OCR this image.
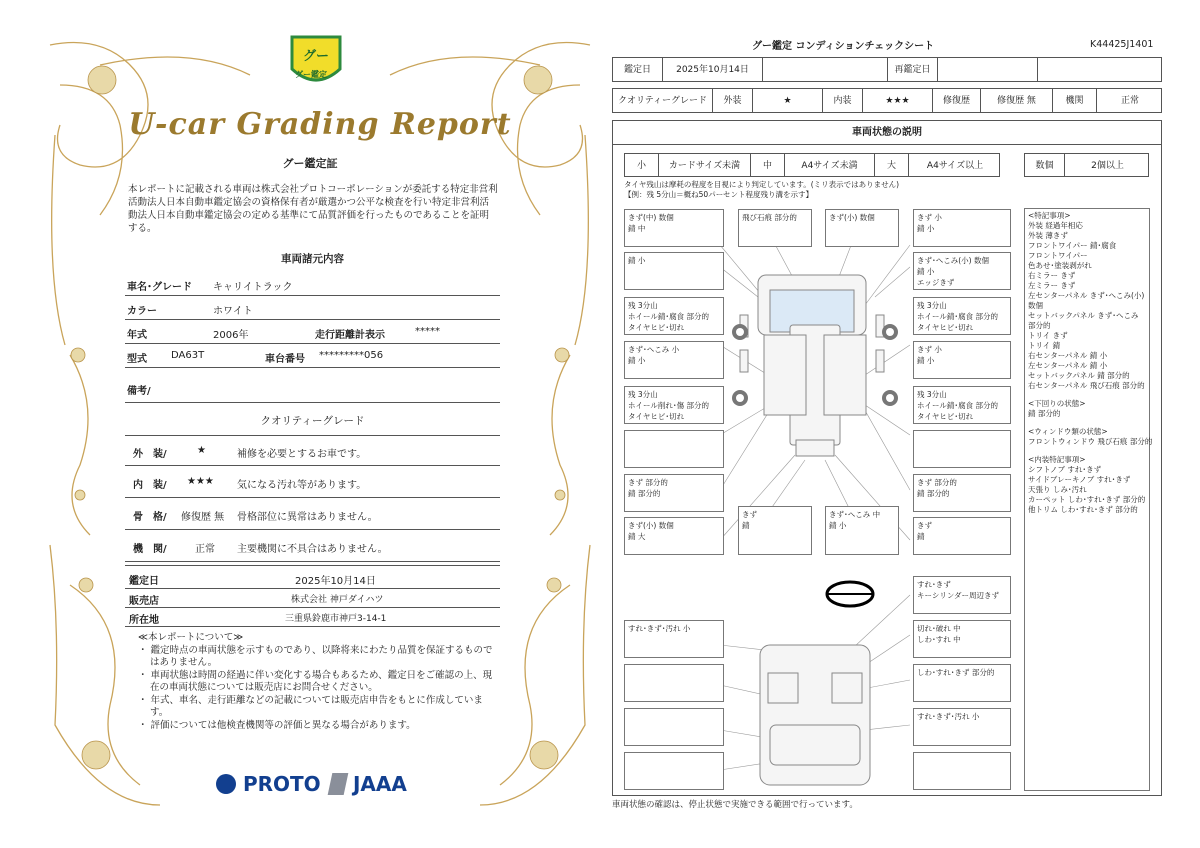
グー
グー鑑定
U-car Grading Report
グー鑑定証
本レポートに記載される車両は株式会社プロトコーポレーションが委託する特定非営利活動法人日本自動車鑑定協会の資格保有者が厳選かつ公平な検査を行い特定非営利活動法人日本自動車鑑定協会の定める基準にて品質評価を行ったものであることを証明する。
車両諸元内容
車名･グレード キャリイトラック
カラー	ホワイト
年式	2006年	走行距離計表示	*****
型式 DA63T	車台番号 *********056
備考/
クオリティーグレード
外　装/	★	補修を必要とするお車です。
内　装/ ★★★ 気になる汚れ等があります。
骨　格/ 修復歴 無 骨格部位に異常はありません。
機　関/	正常 主要機関に不具合はありません。
鑑定日	2025年10月14日
販売店	株式会社 神戸ダイハツ
所在地	三重県鈴鹿市神戸3-14-1
≪本レポートについて≫
・ 鑑定時点の車両状態を示すものであり、以降将来にわたり品質を保証するものではありません。
・ 車両状態は時間の経過に伴い変化する場合もあるため、鑑定日をご確認の上、現在の車両状態については販売店にお問合せください。
・ 年式、車名、走行距離などの記載については販売店申告をもとに作成しています。
・ 評価については他検査機関等の評価と異なる場合があります。
PROTO	JAAA
グー鑑定 コンディションチェックシート	K44425J1401
鑑定日	2025年10月14日	再鑑定日
クオリティーグレード	外装	★	内装	★★★	修復歴	修復歴 無	機関	正常
車両状態の説明
小	カードサイズ未満	中	A4サイズ未満	大	A4サイズ以上	数個	2個以上
タイヤ残山は摩耗の程度を目視により判定しています。(ミリ表示ではありません)
【例：残 5分山＝概ね50パーセント程度残り溝を示す】
きず(中) 数個
錆 中
錆 小
残 3分山
ホイール錆･腐食 部分的
タイヤヒビ･切れ
きず･へこみ 小
錆 小
残 3分山
ホイール削れ･傷 部分的
タイヤヒビ･切れ
きず 部分的
錆 部分的
きず(小) 数個
錆 大
飛び石痕 部分的	きず(小) 数個
きず
錆
きず･へこみ 中
錆 小
きず 小
錆 小
きず･へこみ(小) 数個
錆 小
エッジきず
残 3分山
ホイール錆･腐食 部分的
タイヤヒビ･切れ
きず 小
錆 小
残 3分山
ホイール錆･腐食 部分的
タイヤヒビ･切れ
きず 部分的
錆 部分的
きず
錆
すれ･きず･汚れ 小
すれ･きず
キーシリンダー周辺きず
切れ･破れ 中
しわ･すれ 中
しわ･すれ･きず 部分的
すれ･きず･汚れ 小
<特記事項>
外装 経過年相応
外装 薄きず
フロントワイパー 錆･腐食
フロントワイパー
色あせ･塗装剥がれ
右ミラー きず
左ミラー きず
左センターパネル きず･へこみ(小) 数個
セットバックパネル きず･へこみ 部分的
トリイ きず
トリイ 錆
右センターパネル 錆 小
左センターパネル 錆 小
セットバックパネル 錆 部分的
右センターパネル 飛び石痕 部分的
<下回りの状態>
錆 部分的
<ウィンドウ類の状態>
フロントウィンドウ 飛び石痕 部分的
<内装特記事項>
シフトノブ すれ･きず
サイドブレーキノブ すれ･きず
天張り しみ･汚れ
カーペット しわ･すれ･きず 部分的
他トリム しわ･すれ･きず 部分的
車両状態の確認は、停止状態で実施できる範囲で行っています。
